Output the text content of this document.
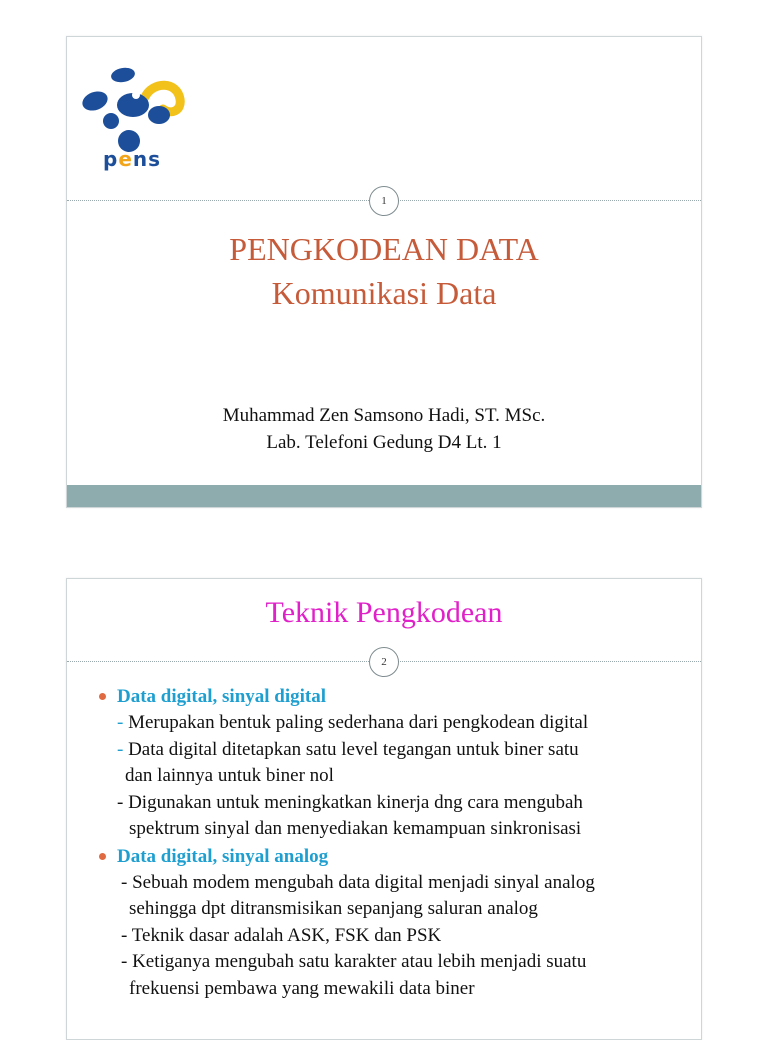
pens
1
PENGKODEAN DATA
Komunikasi Data
Muhammad Zen Samsono Hadi, ST. MSc.
Lab. Telefoni Gedung D4 Lt. 1
Teknik Pengkodean
2
Data digital, sinyal digital
- Merupakan bentuk paling sederhana dari pengkodean digital
- Data digital ditetapkan satu level tegangan untuk biner satu
dan lainnya untuk biner nol
- Digunakan untuk meningkatkan kinerja dng cara mengubah
spektrum sinyal dan menyediakan kemampuan sinkronisasi
Data digital, sinyal analog
- Sebuah modem mengubah data digital menjadi sinyal analog
sehingga dpt ditransmisikan sepanjang saluran analog
- Teknik dasar adalah ASK, FSK dan PSK
- Ketiganya mengubah satu karakter atau lebih menjadi suatu
frekuensi pembawa yang mewakili data biner
